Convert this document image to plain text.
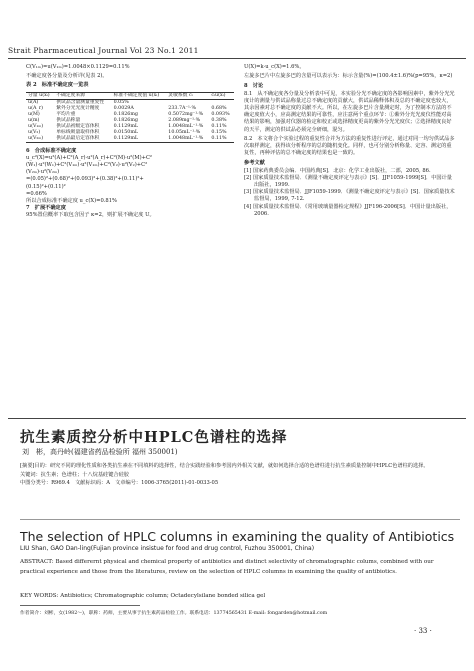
Strait Pharmaceutical Journal Vol 23 No.1 2011

C(V₁ₘ)=u(V₁ₘ)=1.0048×0.1129=0.11%

不确定度各分量及分析详(见表 2)。

表 2　标准不确定度一览表

分量 u(xᵢ)	不确定度来源	标准不确定度值 u(xᵢ)	灵敏系数 cᵢ	cᵢu(xᵢ)
u(A)	供试品含量测量重复性	0.05%		
u(A_r)	紫外分光光度计精度	0.0029A	233.7A⁻¹·%	0.68%
u(M)	平均片重	0.1826mg	0.5072mg⁻¹·%	0.093%
u(m)	供试品称量	0.1826mg	2.089mg⁻¹·%	0.38%
u(V₁ₘ)	供试品初级定容体积	0.1129mL	1.0048mL⁻¹·%	0.11%
u(V₂)	单标线吸量取样体积	0.0150mL	10.05mL⁻¹·%	0.15%
u(V₂ₘ)	供试品最后定容体积	0.1129mL	1.0048mL⁻¹·%	0.11%

6　合成标准不确定度

u_c²(X)=u²(A)+C²(A_r)·u²(A_r)+C²(M)·u²(M)+C²

(W₁)·u²(W₁)+C²(V₁ₘ)·u²(V₁ₘ)+C²(V₂)·u²(V₂)+C²

(V₂ₘ)·u²(V₂ₘ)

=(0.05)²+(0.68)²+(0.093)²+(0.38)²+(0.11)²+

(0.15)²+(0.11)²

=0.66%

所以合成标准不确定度 u_c(X)=0.81%

7　扩展不确定度

95%置信概率下取包含因子 κ=2，则扩展不确定度 U。

U(X)=k·u_c(X)=1.6%。

左旋多巴片中左旋多巴的含量可以表示为：标示含量(%)=(100.4±1.6)%(p=95%，κ=2)

8　讨论

8.1　从不确定度各分量及分析表中可见，本实验分光不确定度的各影响因素中，紫外分光光度计的测量与供试品称量过总不确定度的贡献大，供试品稀释体积及总的不确定度也较大，其余因素对总不确定度的贡献不大。所以，在左旋多巴片含量测定时，为了控制本方法的不确定度值大小，应高测定结果的可靠性，应注意两个重点环节：①紫外分光光度仪性能对高结果的影响，加强对仪器的检定和校正或选择精度更高的紫外分光光度仪；②选择精度良好的天平，测定的供试品必须完全研细，混匀。

8.2　本文将合个实验过程的重复性合并为方法的重复性进行评定，通过对同一均匀供试品多次取样测定，获得该分析程序的总的随机变化。同样，也可分别分析称量、定容、测定的重复性，再种评估的总不确定度的结果也是一致的。

参考文献

[1] 国家药典委员会编．中国药典[S]．北京：化学工业出版社，二部，2005, 86.

[2] 国家质量技术监督局．《测量不确定度评定与表示》[S]．JJF1059-1999[S]．中国计量出版社，1999.

[3] 国家质量技术监督局．JJF1059-1999．《测量不确定度评定与表示》[S]．国家质量技术监督局，1999, 7-12.

[4] 国家质量技术监督局．《常用玻璃量器检定规程》JJF196-2006[S]．中国计量出版社，2006.

抗生素质控分析中HPLC色谱柱的选择
刘　彬，高丹岭(福建省药品检验所 福州 350001)
[摘要]目的：研究不同的理化性质和各类抗生素在不同填料的选择性，结合实践经验和参考国内外相关文献，就如何选择合适的色谱柱进行抗生素质量控制中HPLC色谱柱的选择。
关键词：抗生素；色谱柱；十八烷基硅键合硅胶
中图分类号：R969.4　文献标识码：A　文章编号：1006-3765(2011)-01-0033-05
The selection of HPLC columns in examining the quality of Antibiotics
LIU Shan, GAO Dan-ling(Fujian province insistue for food and drug control, Fuzhou 350001, China)
ABSTRACT: Based differernt physical and chemical property of antibiotics and distinct selectivity of chromatographic colums, combined with our practical experience and those from the literatures, review on the selection of HPLC columns in examining the quality of antibiotics.
KEY WORDS: Antibiotics; Chromatographic column; Octadecylsilane bonded silica gel
作者简介：刘彬，女(1982～)，职称：药师，主要从事于抗生素药品检验工作。联系电话：13774565431 E-mail: fongarden@hotmail.com
· 33 ·
